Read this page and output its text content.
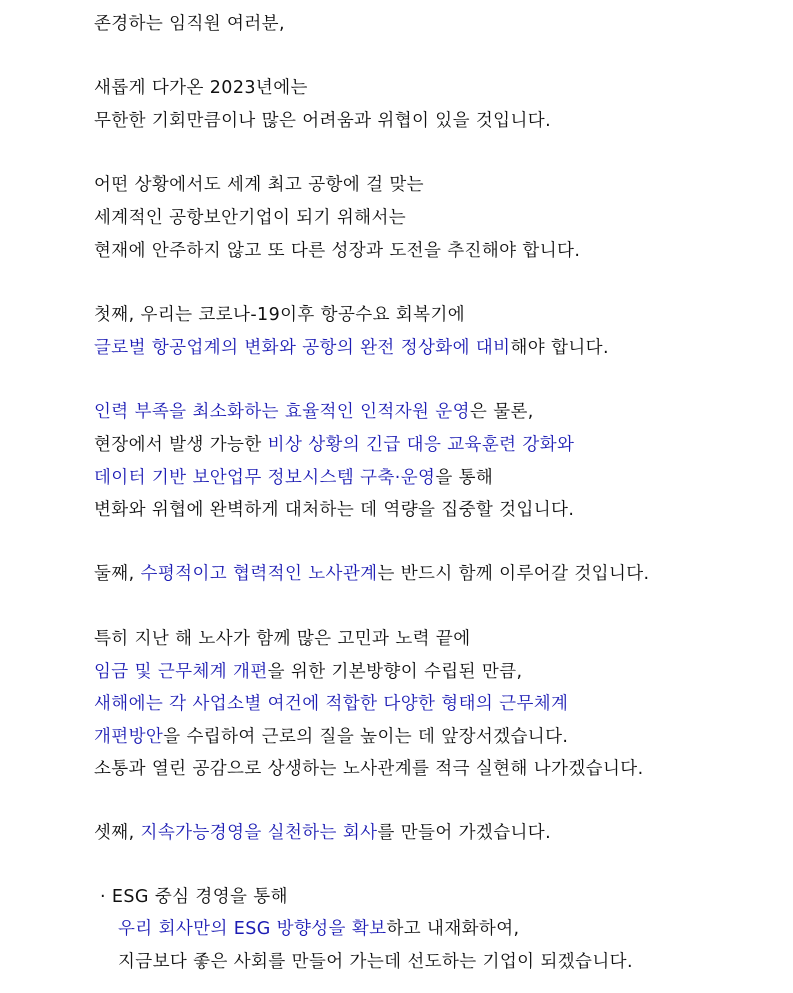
존경하는 임직원 여러분,
새롭게 다가온 2023년에는
무한한 기회만큼이나 많은 어려움과 위협이 있을 것입니다.
어떤 상황에서도 세계 최고 공항에 걸 맞는
세계적인 공항보안기업이 되기 위해서는
현재에 안주하지 않고 또 다른 성장과 도전을 추진해야 합니다.
첫째, 우리는 코로나-19이후 항공수요 회복기에
글로벌 항공업계의 변화와 공항의 완전 정상화에 대비해야 합니다.
인력 부족을 최소화하는 효율적인 인적자원 운영은 물론,
현장에서 발생 가능한 비상 상황의 긴급 대응 교육훈련 강화와
데이터 기반 보안업무 정보시스템 구축·운영을 통해
변화와 위협에 완벽하게 대처하는 데 역량을 집중할 것입니다.
둘째, 수평적이고 협력적인 노사관계는 반드시 함께 이루어갈 것입니다.
특히 지난 해 노사가 함께 많은 고민과 노력 끝에
임금 및 근무체계 개편을 위한 기본방향이 수립된 만큼,
새해에는 각 사업소별 여건에 적합한 다양한 형태의 근무체계
개편방안을 수립하여 근로의 질을 높이는 데 앞장서겠습니다.
소통과 열린 공감으로 상생하는 노사관계를 적극 실현해 나가겠습니다.
셋째, 지속가능경영을 실천하는 회사를 만들어 가겠습니다.
· ESG 중심 경영을 통해
우리 회사만의 ESG 방향성을 확보하고 내재화하여,
지금보다 좋은 사회를 만들어 가는데 선도하는 기업이 되겠습니다.
